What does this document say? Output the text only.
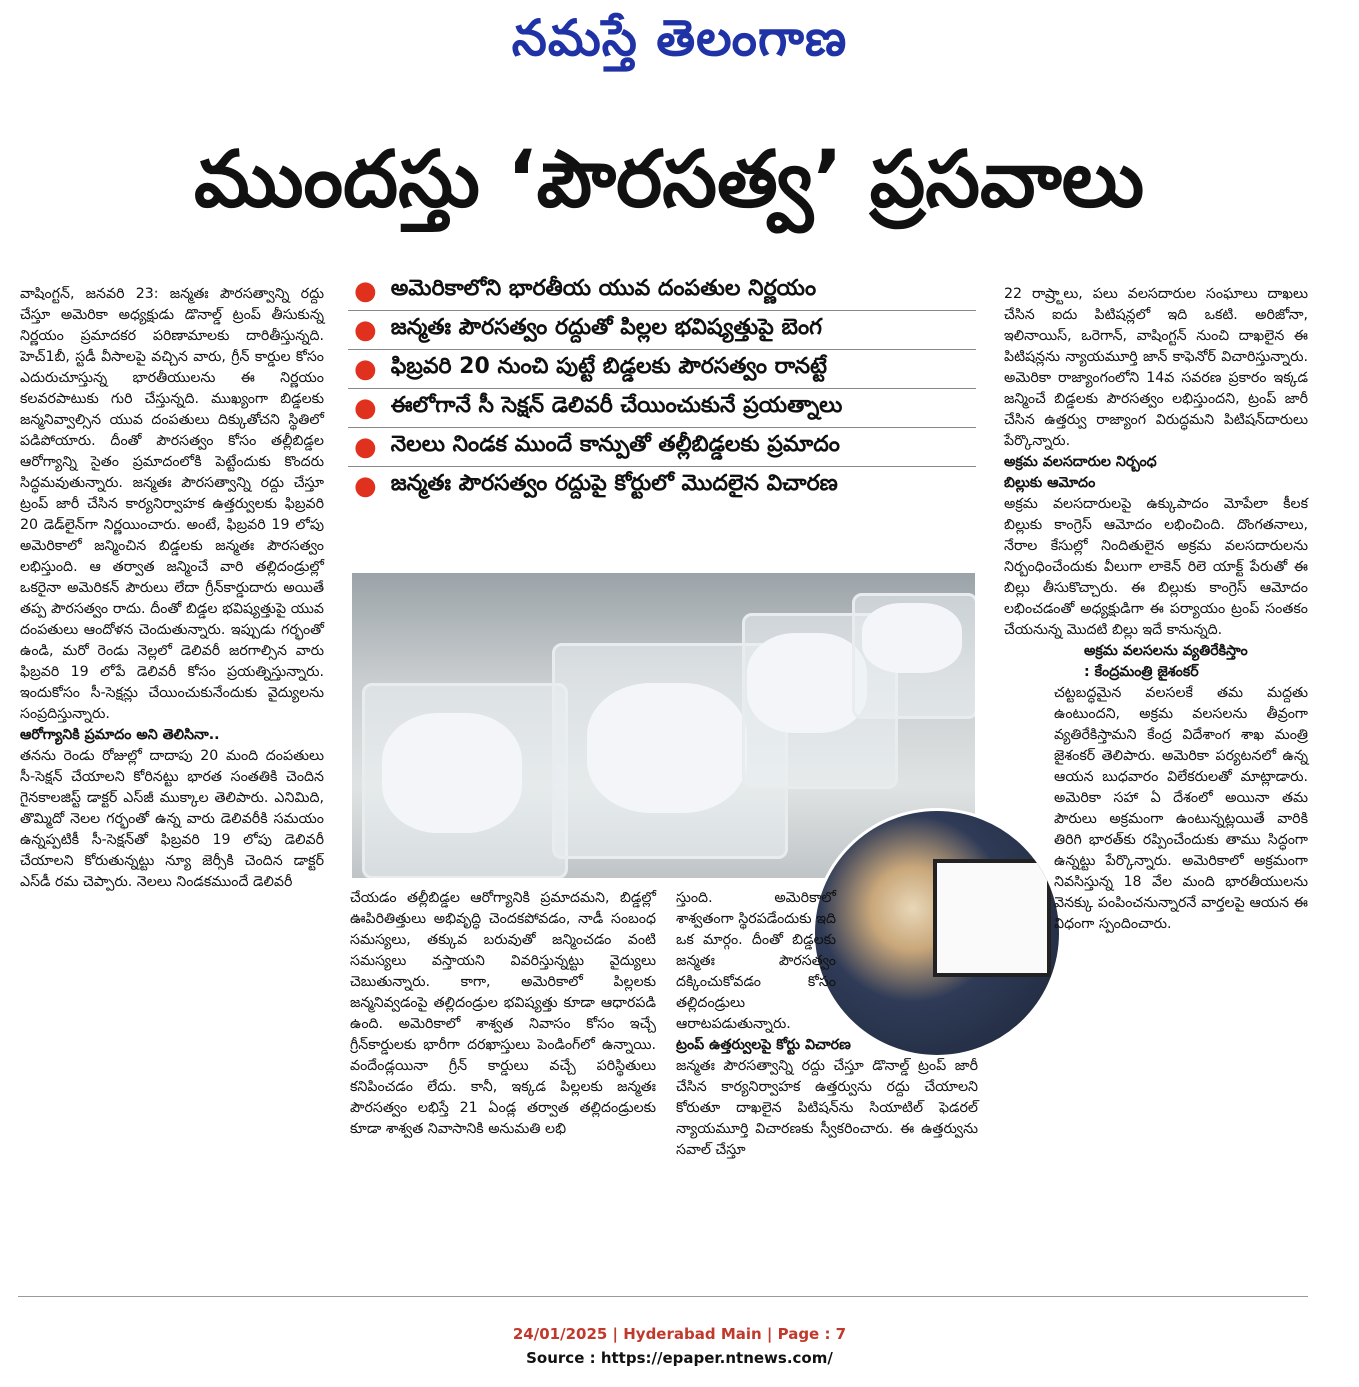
నమస్తే తెలంగాణ
ముందస్తు ‘పౌరసత్వ’ ప్రసవాలు

వాషింగ్టన్, జనవరి 23: జన్మతః పౌరసత్వాన్ని రద్దు చేస్తూ అమెరికా అధ్యక్షుడు డొనాల్డ్ ట్రంప్ తీసుకున్న నిర్ణయం ప్రమాదకర పరిణామాలకు దారితీస్తున్నది. హెచ్1బీ, స్టడీ వీసాలపై వచ్చిన వారు, గ్రీన్ కార్డుల కోసం ఎదురుచూస్తున్న భారతీయులను ఈ నిర్ణయం కలవరపాటుకు గురి చేస్తున్నది. ముఖ్యంగా బిడ్డలకు జన్మనివ్వాల్సిన యువ దంపతులు దిక్కుతోచని స్థితిలో పడిపోయారు. దీంతో పౌరసత్వం కోసం తల్లీబిడ్డల ఆరోగ్యాన్ని సైతం ప్రమాదంలోకి పెట్టేందుకు కొందరు సిద్ధమవుతున్నారు. జన్మతః పౌరసత్వాన్ని రద్దు చేస్తూ ట్రంప్ జారీ చేసిన కార్యనిర్వాహక ఉత్తర్వులకు ఫిబ్రవరి 20 డెడ్‌లైన్‌గా నిర్ణయించారు. అంటే, ఫిబ్రవరి 19 లోపు అమెరికాలో జన్మించిన బిడ్డలకు జన్మతః పౌరసత్వం లభిస్తుంది. ఆ తర్వాత జన్మించే వారి తల్లిదండ్రుల్లో ఒకరైనా అమెరికన్ పౌరులు లేదా గ్రీన్‌కార్డుదారు అయితే తప్ప పౌరసత్వం రాదు. దీంతో బిడ్డల భవిష్యత్తుపై యువ దంపతులు ఆందోళన చెందుతున్నారు. ఇప్పుడు గర్భంతో ఉండి, మరో రెండు నెల్లలో డెలివరీ జరగాల్సిన వారు ఫిబ్రవరి 19 లోపే డెలివరీ కోసం ప్రయత్నిస్తున్నారు. ఇందుకోసం సీ-సెక్షన్లు చేయించుకునేందుకు వైద్యులను సంప్రదిస్తున్నారు.

ఆరోగ్యానికి ప్రమాదం అని తెలిసినా..

తనను రెండు రోజుల్లో దాదాపు 20 మంది దంపతులు సీ-సెక్షన్ చేయాలని కోరినట్టు భారత సంతతికి చెందిన గైనకాలజిస్ట్ డాక్టర్ ఎస్‌జీ ముక్కాల తెలిపారు. ఎనిమిది, తొమ్మిదో నెలల గర్భంతో ఉన్న వారు డెలివరీకి సమయం ఉన్నప్పటికీ సీ-సెక్షన్‌తో ఫిబ్రవరి 19 లోపు డెలివరీ చేయాలని కోరుతున్నట్టు న్యూ జెర్సీకి చెందిన డాక్టర్ ఎస్‌డీ రమ చెప్పారు. నెలలు నిండకముందే డెలివరీ

● అమెరికాలోని భారతీయ యువ దంపతుల నిర్ణయం
● జన్మతః పౌరసత్వం రద్దుతో పిల్లల భవిష్యత్తుపై బెంగ
● ఫిబ్రవరి 20 నుంచి పుట్టే బిడ్డలకు పౌరసత్వం రానట్టే
● ఈలోగానే సీ సెక్షన్ డెలివరీ చేయించుకునే ప్రయత్నాలు
● నెలలు నిండక ముందే కాన్పుతో తల్లీబిడ్డలకు ప్రమాదం
● జన్మతః పౌరసత్వం రద్దుపై కోర్టులో మొదలైన విచారణ

చేయడం తల్లీబిడ్డల ఆరోగ్యానికి ప్రమాదమని, బిడ్డల్లో ఊపిరితిత్తులు అభివృద్ధి చెందకపోవడం, నాడీ సంబంధ సమస్యలు, తక్కువ బరువుతో జన్మించడం వంటి సమస్యలు వస్తాయని వివరిస్తున్నట్టు వైద్యులు చెబుతున్నారు. కాగా, అమెరికాలో పిల్లలకు జన్మనివ్వడంపై తల్లిదండ్రుల భవిష్యత్తు కూడా ఆధారపడి ఉంది. అమెరికాలో శాశ్వత నివాసం కోసం ఇచ్చే గ్రీన్‌కార్డులకు భారీగా దరఖాస్తులు పెండింగ్‌లో ఉన్నాయి. వందేండ్లయినా గ్రీన్ కార్డులు వచ్చే పరిస్థితులు కనిపించడం లేదు. కానీ, ఇక్కడ పిల్లలకు జన్మతః పౌరసత్వం లభిస్తే 21 ఏండ్ల తర్వాత తల్లిదండ్రులకు కూడా శాశ్వత నివాసానికి అనుమతి లభి

స్తుంది. అమెరికాలో శాశ్వతంగా స్థిరపడేందుకు ఇది ఒక మార్గం. దీంతో బిడ్డలకు జన్మతః పౌరసత్వం దక్కించుకోవడం కోసం తల్లిదండ్రులు ఆరాటపడుతున్నారు.

ట్రంప్ ఉత్తర్వులపై కోర్టు విచారణ

జన్మతః పౌరసత్వాన్ని రద్దు చేస్తూ డొనాల్డ్ ట్రంప్ జారీ చేసిన కార్యనిర్వాహక ఉత్తర్వును రద్దు చేయాలని కోరుతూ దాఖలైన పిటిషన్‌ను సియాటిల్ ఫెడరల్ న్యాయమూర్తి విచారణకు స్వీకరించారు. ఈ ఉత్తర్వును సవాల్ చేస్తూ

22 రాష్ర్టాలు, పలు వలసదారుల సంఘాలు దాఖలు చేసిన ఐదు పిటిషన్లలో ఇది ఒకటి. అరిజోనా, ఇలినాయిస్, ఒరెగాన్, వాషింగ్టన్ నుంచి దాఖలైన ఈ పిటిషన్లను న్యాయమూర్తి జాన్ కాఫెనోర్ విచారిస్తున్నారు. అమెరికా రాజ్యాంగంలోని 14వ సవరణ ప్రకారం ఇక్కడ జన్మించే బిడ్డలకు పౌరసత్వం లభిస్తుందని, ట్రంప్ జారీ చేసిన ఉత్తర్వు రాజ్యాంగ విరుద్ధమని పిటిషన్‌దారులు పేర్కొన్నారు.

అక్రమ వలసదారుల నిర్బంధ

బిల్లుకు ఆమోదం

అక్రమ వలసదారులపై ఉక్కుపాదం మోపేలా కీలక బిల్లుకు కాంగ్రెస్ ఆమోదం లభించింది. దొంగతనాలు, నేరాల కేసుల్లో నిందితులైన అక్రమ వలసదారులను నిర్బంధించేందుకు వీలుగా లాకెన్ రిలె యాక్ట్ పేరుతో ఈ బిల్లు తీసుకొచ్చారు. ఈ బిల్లుకు కాంగ్రెస్ ఆమోదం లభించడంతో అధ్యక్షుడిగా ఈ పర్యాయం ట్రంప్ సంతకం చేయనున్న మొదటి బిల్లు ఇదే కానున్నది.

అక్రమ వలసలను వ్యతిరేకిస్తాం

: కేంద్రమంత్రి జైశంకర్

చట్టబద్ధమైన వలసలకే తమ మద్దతు ఉంటుందని, అక్రమ వలసలను తీవ్రంగా వ్యతిరేకిస్తామని కేంద్ర విదేశాంగ శాఖ మంత్రి జైశంకర్ తెలిపారు. అమెరికా పర్యటనలో ఉన్న ఆయన బుధవారం విలేకరులతో మాట్లాడారు. అమెరికా సహా ఏ దేశంలో అయినా తమ పౌరులు అక్రమంగా ఉంటున్నట్లయితే వారికి తిరిగి భారత్‌కు రప్పించేందుకు తాము సిద్ధంగా ఉన్నట్టు పేర్కొన్నారు. అమెరికాలో అక్రమంగా నివసిస్తున్న 18 వేల మంది భారతీయులను వెనక్కు పంపించనున్నారనే వార్తలపై ఆయన ఈ విధంగా స్పందించారు.

24/01/2025 | Hyderabad Main | Page : 7
Source : https://epaper.ntnews.com/
